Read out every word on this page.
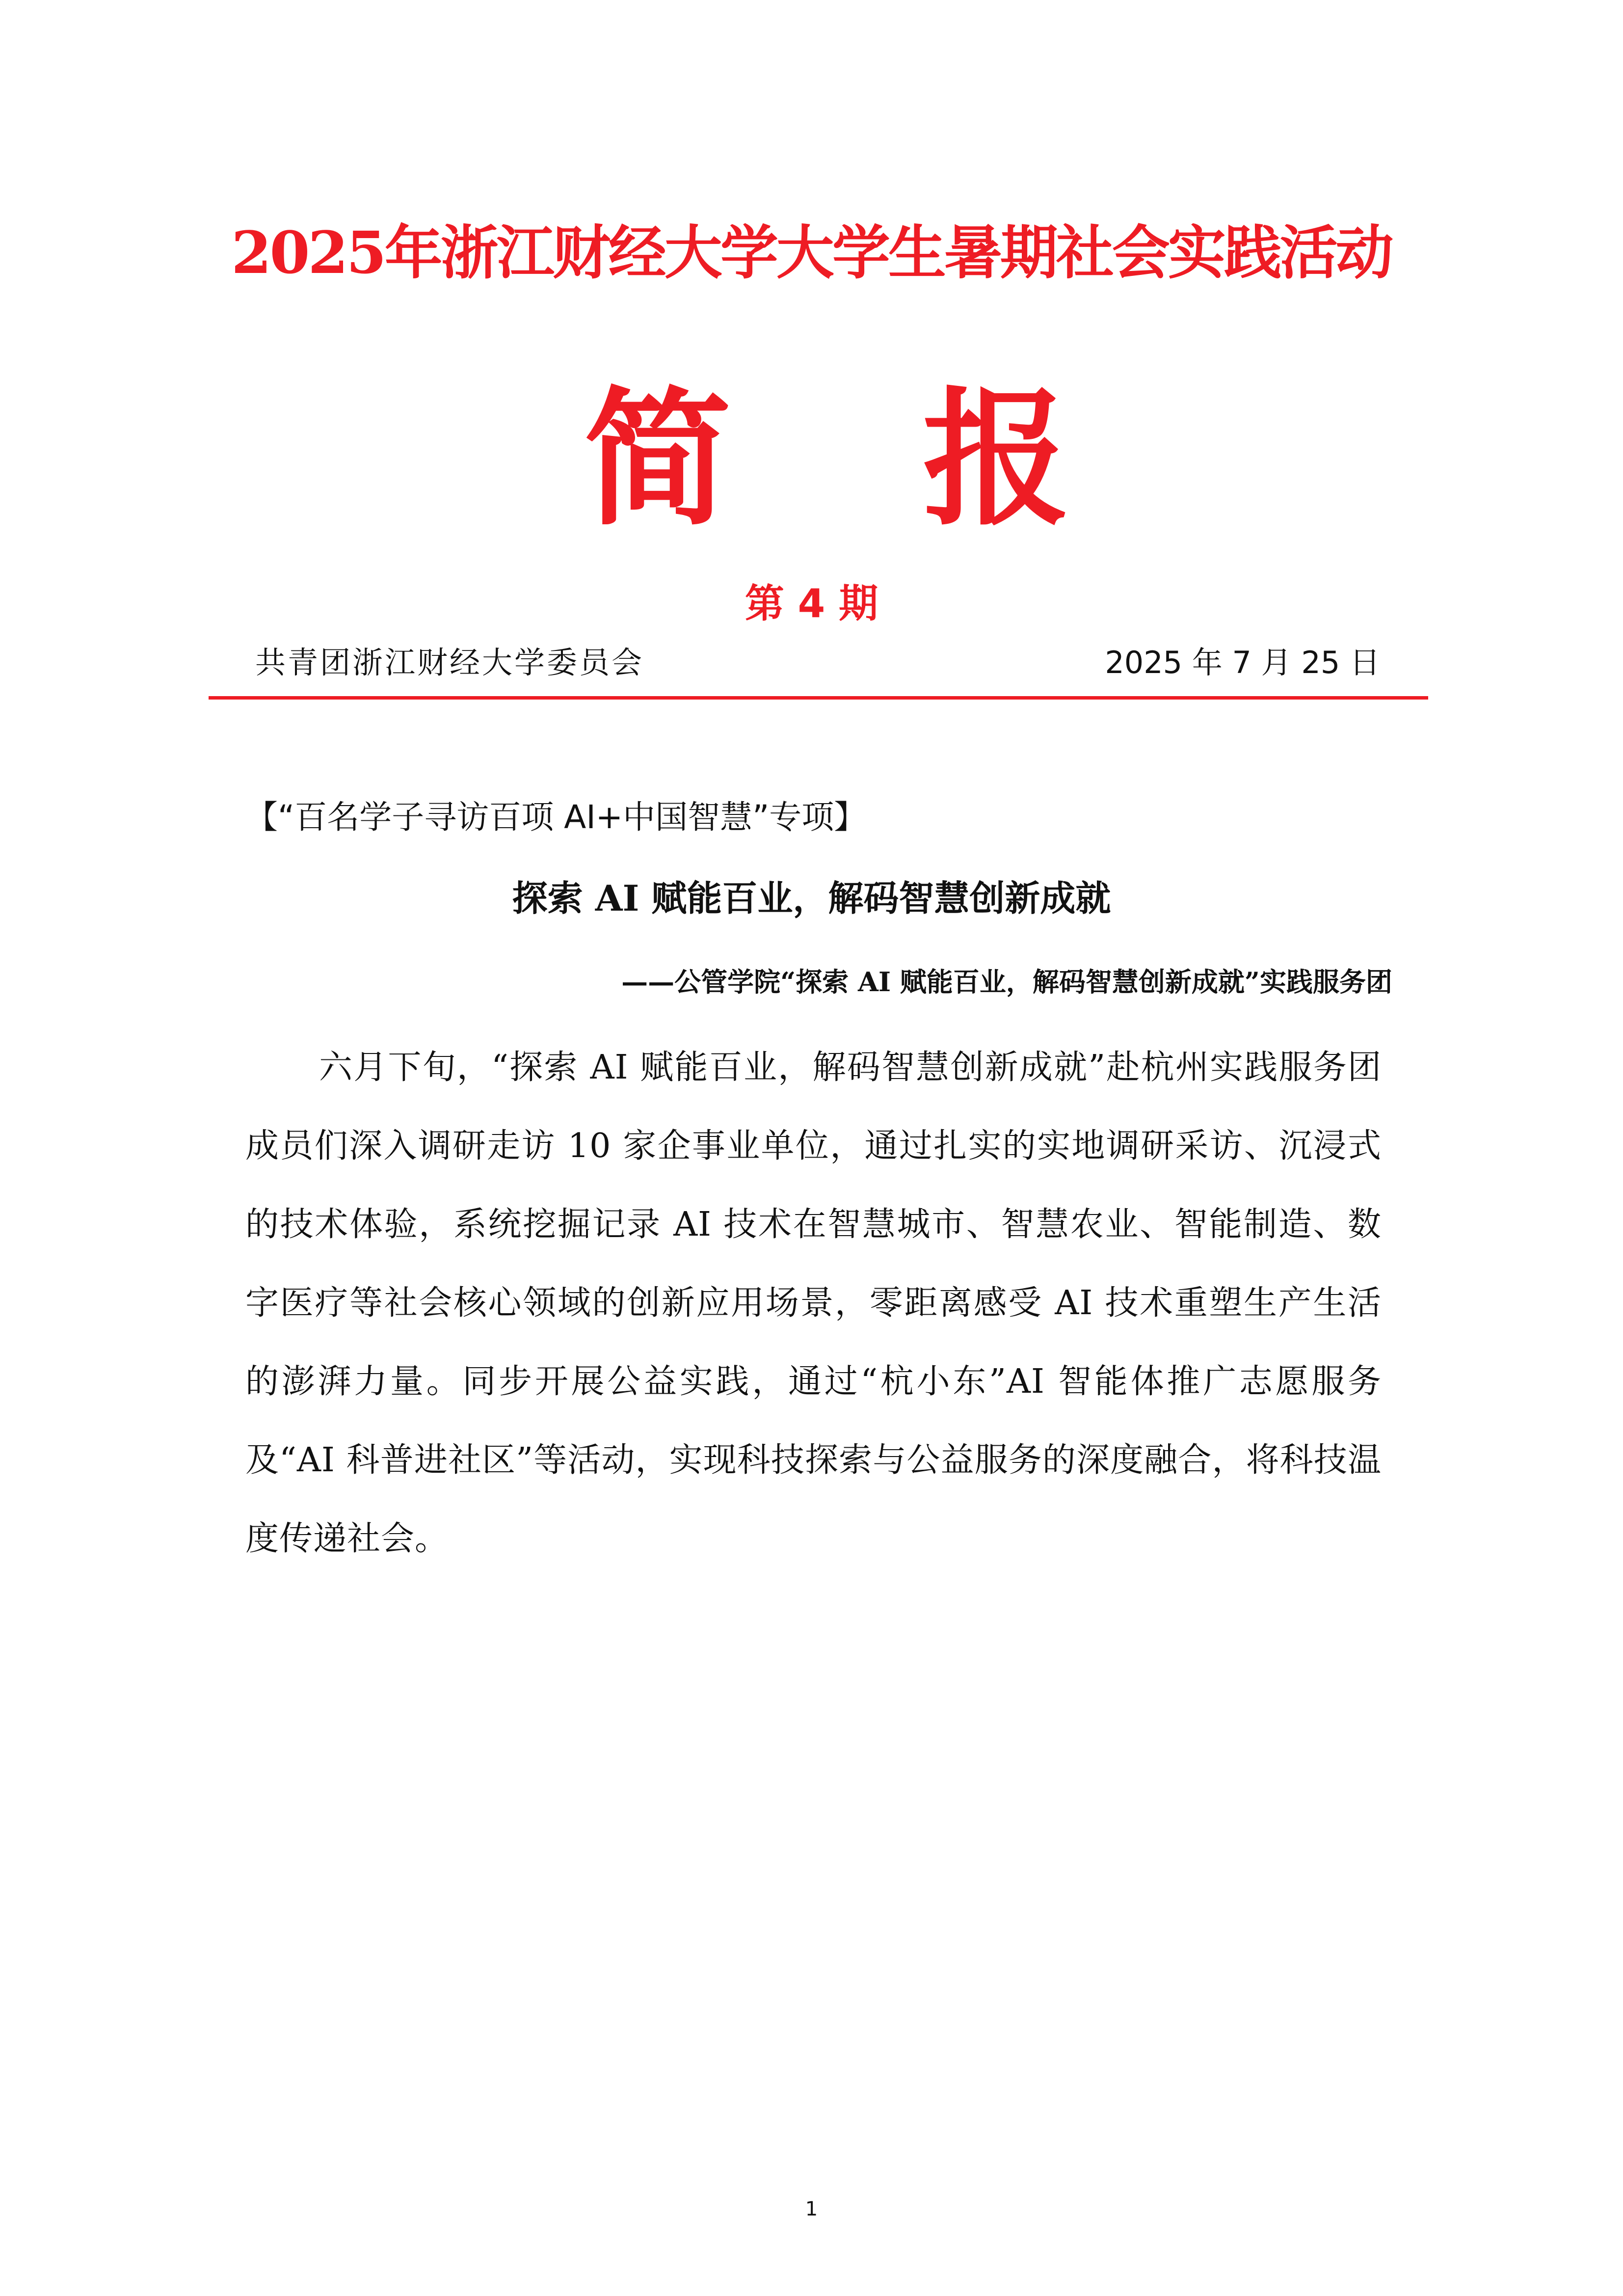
2025年浙江财经大学大学生暑期社会实践活动
简 报
第 4 期
共青团浙江财经大学委员会	2025 年 7 月 25 日
【“百名学子寻访百项 AI+中国智慧”专项】
探索 AI 赋能百业，解码智慧创新成就
——公管学院“探索 AI 赋能百业，解码智慧创新成就”实践服务团
六月下旬，“探索 AI 赋能百业，解码智慧创新成就”赴杭州实践服务团成员们深入调研走访 10 家企事业单位，通过扎实的实地调研采访、沉浸式的技术体验，系统挖掘记录 AI 技术在智慧城市、智慧农业、智能制造、数字医疗等社会核心领域的创新应用场景，零距离感受 AI 技术重塑生产生活的澎湃力量。同步开展公益实践，通过“杭小东”AI 智能体推广志愿服务及“AI 科普进社区”等活动，实现科技探索与公益服务的深度融合，将科技温度传递社会。
1
